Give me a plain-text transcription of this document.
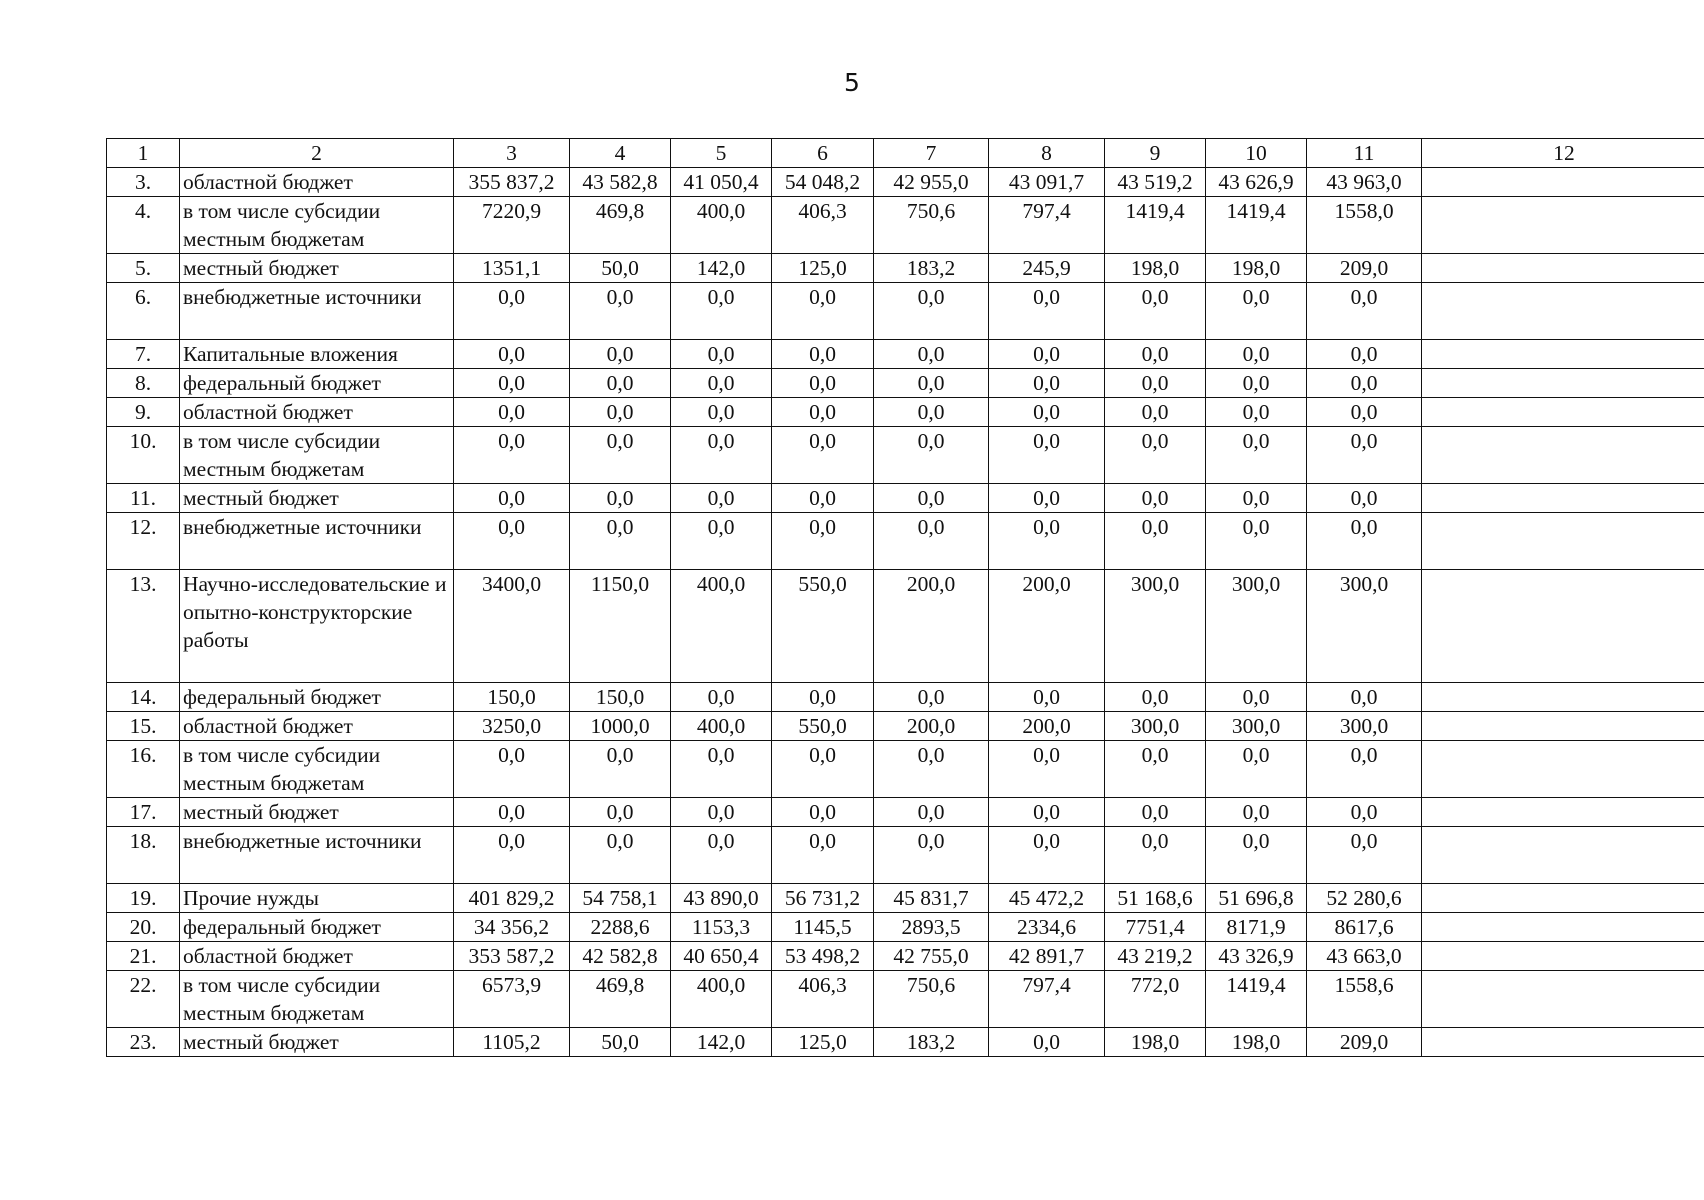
5
1	2	3	4	5	6	7	8	9	10	11	12
3.	областной бюджет	355 837,2	43 582,8	41 050,4	54 048,2	42 955,0	43 091,7	43 519,2	43 626,9	43 963,0	
4.	в том числе субсидии местным бюджетам	7220,9	469,8	400,0	406,3	750,6	797,4	1419,4	1419,4	1558,0	
5.	местный бюджет	1351,1	50,0	142,0	125,0	183,2	245,9	198,0	198,0	209,0	
6.	внебюджетные источники	0,0	0,0	0,0	0,0	0,0	0,0	0,0	0,0	0,0	
7.	Капитальные вложения	0,0	0,0	0,0	0,0	0,0	0,0	0,0	0,0	0,0	
8.	федеральный бюджет	0,0	0,0	0,0	0,0	0,0	0,0	0,0	0,0	0,0	
9.	областной бюджет	0,0	0,0	0,0	0,0	0,0	0,0	0,0	0,0	0,0	
10.	в том числе субсидии местным бюджетам	0,0	0,0	0,0	0,0	0,0	0,0	0,0	0,0	0,0	
11.	местный бюджет	0,0	0,0	0,0	0,0	0,0	0,0	0,0	0,0	0,0	
12.	внебюджетные источники	0,0	0,0	0,0	0,0	0,0	0,0	0,0	0,0	0,0	
13.	Научно-исследовательские и опытно-конструкторские работы	3400,0	1150,0	400,0	550,0	200,0	200,0	300,0	300,0	300,0	
14.	федеральный бюджет	150,0	150,0	0,0	0,0	0,0	0,0	0,0	0,0	0,0	
15.	областной бюджет	3250,0	1000,0	400,0	550,0	200,0	200,0	300,0	300,0	300,0	
16.	в том числе субсидии местным бюджетам	0,0	0,0	0,0	0,0	0,0	0,0	0,0	0,0	0,0	
17.	местный бюджет	0,0	0,0	0,0	0,0	0,0	0,0	0,0	0,0	0,0	
18.	внебюджетные источники	0,0	0,0	0,0	0,0	0,0	0,0	0,0	0,0	0,0	
19.	Прочие нужды	401 829,2	54 758,1	43 890,0	56 731,2	45 831,7	45 472,2	51 168,6	51 696,8	52 280,6	
20.	федеральный бюджет	34 356,2	2288,6	1153,3	1145,5	2893,5	2334,6	7751,4	8171,9	8617,6	
21.	областной бюджет	353 587,2	42 582,8	40 650,4	53 498,2	42 755,0	42 891,7	43 219,2	43 326,9	43 663,0	
22.	в том числе субсидии местным бюджетам	6573,9	469,8	400,0	406,3	750,6	797,4	772,0	1419,4	1558,6	
23.	местный бюджет	1105,2	50,0	142,0	125,0	183,2	0,0	198,0	198,0	209,0	
